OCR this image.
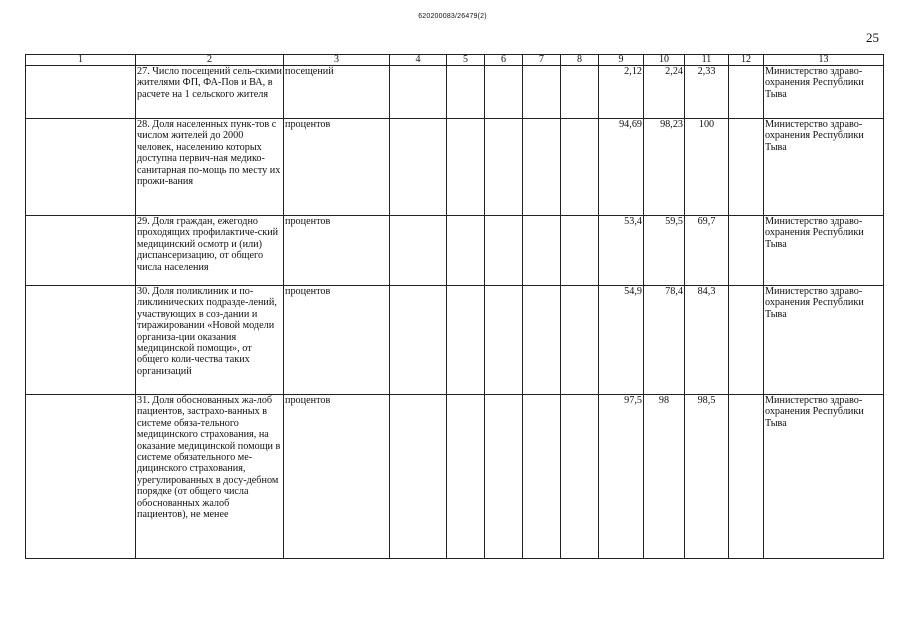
620200083/26479(2)
25
1	2	3	4	5	6	7	8	9	10	11	12	13
	27. Число посещений сель-скими жителями ФП, ФА-Пов и ВА, в расчете на 1 сельского жителя	посещений						2,12	2,24	2,33		Министерство здраво-охранения Республики Тыва
	28. Доля населенных пунк-тов с числом жителей до 2000 человек, населению которых доступна первич-ная медико-санитарная по-мощь по месту их прожи-вания	процентов						94,69	98,23	100		Министерство здраво-охранения Республики Тыва
	29. Доля граждан, ежегодно проходящих профилактиче-ский медицинский осмотр и (или) диспансеризацию, от общего числа населения	процентов						53,4	59,5	69,7		Министерство здраво-охранения Республики Тыва
	30. Доля поликлиник и по-ликлинических подразде-лений, участвующих в соз-дании и тиражировании «Новой модели организа-ции оказания медицинской помощи», от общего коли-чества таких организаций	процентов						54,9	78,4	84,3		Министерство здраво-охранения Республики Тыва
	31. Доля обоснованных жа-лоб пациентов, застрахо-ванных в системе обяза-тельного медицинского страхования, на оказание медицинской помощи в системе обязательного ме-дицинского страхования, урегулированных в досу-дебном порядке (от общего числа обоснованных жалоб пациентов), не менее	процентов						97,5	98	98,5		Министерство здраво-охранения Республики Тыва
